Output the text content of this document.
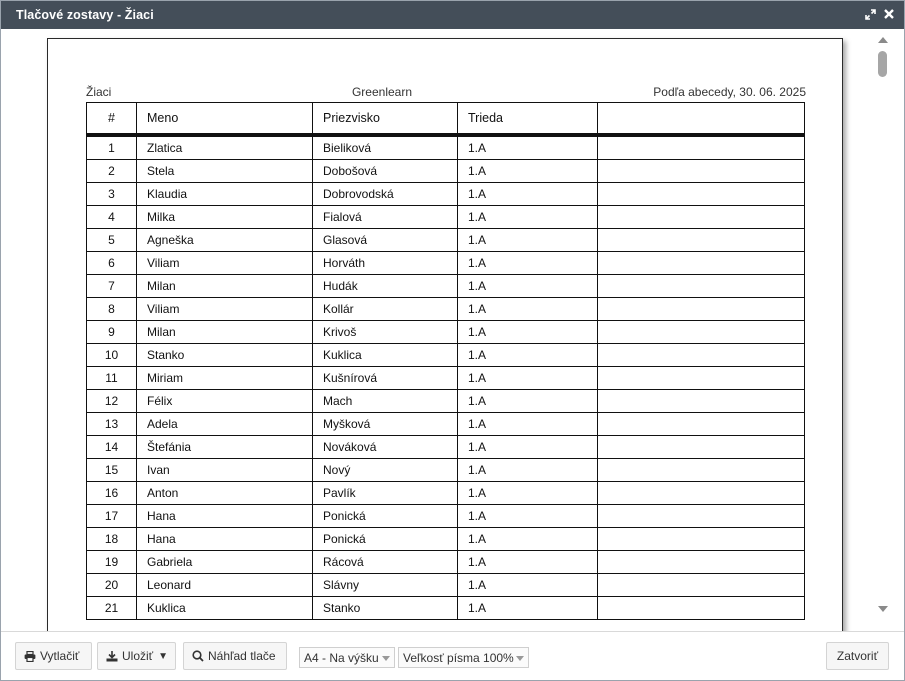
Tlačové zostavy - Žiaci
Žiaci	Greenlearn	Podľa abecedy, 30. 06. 2025
#	Meno	Priezvisko	Trieda	
1	Zlatica	Bieliková	1.A	
2	Stela	Dobošová	1.A	
3	Klaudia	Dobrovodská	1.A	
4	Milka	Fialová	1.A	
5	Agneška	Glasová	1.A	
6	Viliam	Horváth	1.A	
7	Milan	Hudák	1.A	
8	Viliam	Kollár	1.A	
9	Milan	Krivoš	1.A	
10	Stanko	Kuklica	1.A	
11	Miriam	Kušnírová	1.A	
12	Félix	Mach	1.A	
13	Adela	Myšková	1.A	
14	Štefánia	Nováková	1.A	
15	Ivan	Nový	1.A	
16	Anton	Pavlík	1.A	
17	Hana	Ponická	1.A	
18	Hana	Ponická	1.A	
19	Gabriela	Rácová	1.A	
20	Leonard	Slávny	1.A	
21	Kuklica	Stanko	1.A	
Vytlačiť	Uložiť ▼	Náhľad tlače A4 - Na výšku Veľkosť písma 100%	Zatvoriť
